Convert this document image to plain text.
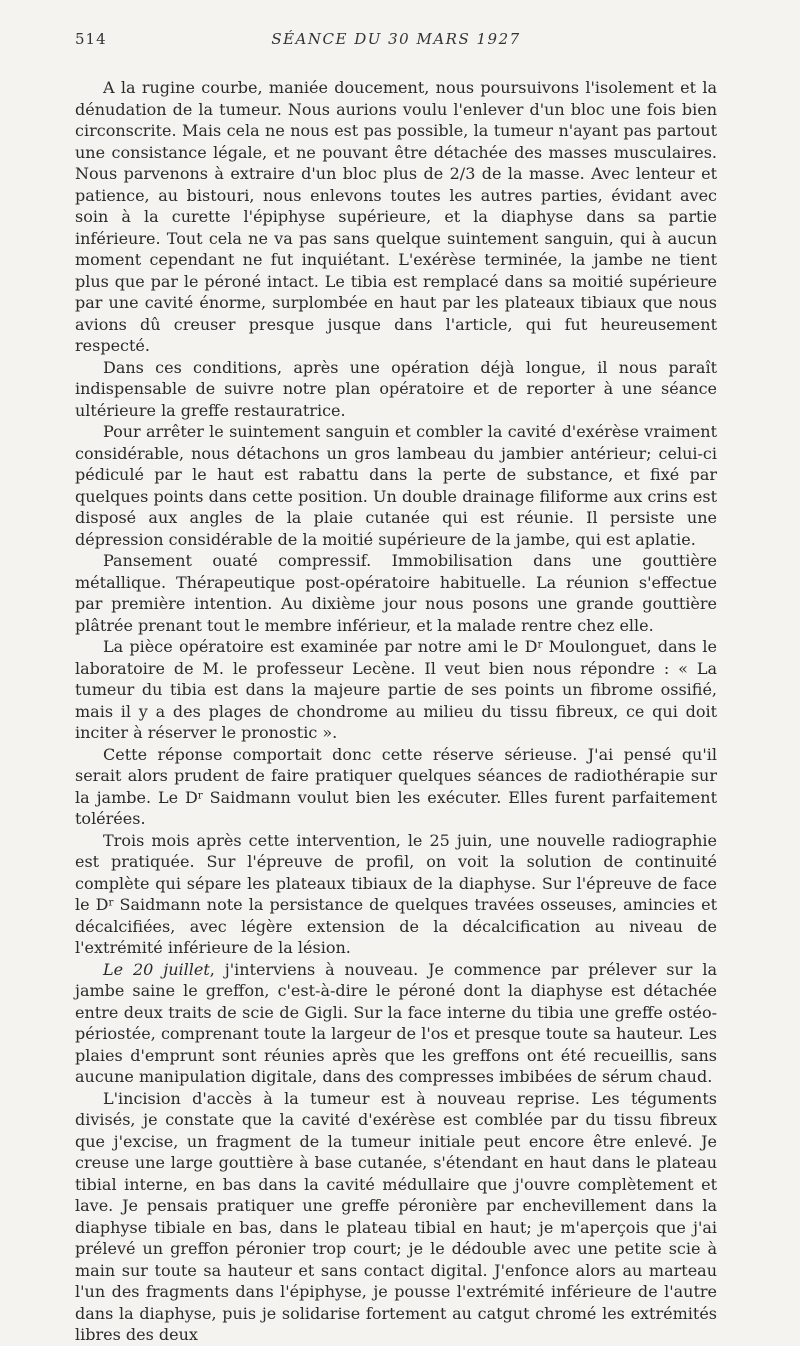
514	SÉANCE DU 30 MARS 1927

A la rugine courbe, maniée doucement, nous poursuivons l'isolement et la dénudation de la tumeur. Nous aurions voulu l'enlever d'un bloc une fois bien circonscrite. Mais cela ne nous est pas possible, la tumeur n'ayant pas partout une consistance légale, et ne pouvant être détachée des masses musculaires. Nous parvenons à extraire d'un bloc plus de 2/3 de la masse. Avec lenteur et patience, au bistouri, nous enlevons toutes les autres parties, évidant avec soin à la curette l'épiphyse supérieure, et la diaphyse dans sa partie inférieure. Tout cela ne va pas sans quelque suintement sanguin, qui à aucun moment cependant ne fut inquiétant. L'exérèse terminée, la jambe ne tient plus que par le péroné intact. Le tibia est remplacé dans sa moitié supérieure par une cavité énorme, surplombée en haut par les plateaux tibiaux que nous avions dû creuser presque jusque dans l'article, qui fut heureusement respecté.

Dans ces conditions, après une opération déjà longue, il nous paraît indispensable de suivre notre plan opératoire et de reporter à une séance ultérieure la greffe restauratrice.

Pour arrêter le suintement sanguin et combler la cavité d'exérèse vraiment considérable, nous détachons un gros lambeau du jambier antérieur; celui-ci pédiculé par le haut est rabattu dans la perte de substance, et fixé par quelques points dans cette position. Un double drainage filiforme aux crins est disposé aux angles de la plaie cutanée qui est réunie. Il persiste une dépression considérable de la moitié supérieure de la jambe, qui est aplatie.

Pansement ouaté compressif. Immobilisation dans une gouttière métallique. Thérapeutique post-opératoire habituelle. La réunion s'effectue par première intention. Au dixième jour nous posons une grande gouttière plâtrée prenant tout le membre inférieur, et la malade rentre chez elle.

La pièce opératoire est examinée par notre ami le $D^r$ Moulonguet, dans le laboratoire de M. le professeur Lecène. Il veut bien nous répondre : « La tumeur du tibia est dans la majeure partie de ses points un fibrome ossifié, mais il y a des plages de chondrome au milieu du tissu fibreux, ce qui doit inciter à réserver le pronostic ».

Cette réponse comportait donc cette réserve sérieuse. J'ai pensé qu'il serait alors prudent de faire pratiquer quelques séances de radiothérapie sur la jambe. Le $D^r$ Saidmann voulut bien les exécuter. Elles furent parfaitement tolérées.

Trois mois après cette intervention, le 25 juin, une nouvelle radiographie est pratiquée. Sur l'épreuve de profil, on voit la solution de continuité complète qui sépare les plateaux tibiaux de la diaphyse. Sur l'épreuve de face le $D^r$ Saidmann note la persistance de quelques travées osseuses, amincies et décalcifiées, avec légère extension de la décalcification au niveau de l'extrémité inférieure de la lésion.

Le 20 juillet, j'interviens à nouveau. Je commence par prélever sur la jambe saine le greffon, c'est-à-dire le péroné dont la diaphyse est détachée entre deux traits de scie de Gigli. Sur la face interne du tibia une greffe ostéo-périostée, comprenant toute la largeur de l'os et presque toute sa hauteur. Les plaies d'emprunt sont réunies après que les greffons ont été recueillis, sans aucune manipulation digitale, dans des compresses imbibées de sérum chaud.

L'incision d'accès à la tumeur est à nouveau reprise. Les téguments divisés, je constate que la cavité d'exérèse est comblée par du tissu fibreux que j'excise, un fragment de la tumeur initiale peut encore être enlevé. Je creuse une large gouttière à base cutanée, s'étendant en haut dans le plateau tibial interne, en bas dans la cavité médullaire que j'ouvre complètement et lave. Je pensais pratiquer une greffe péronière par enchevillement dans la diaphyse tibiale en bas, dans le plateau tibial en haut; je m'aperçois que j'ai prélevé un greffon péronier trop court; je le dédouble avec une petite scie à main sur toute sa hauteur et sans contact digital. J'enfonce alors au marteau l'un des fragments dans l'épiphyse, je pousse l'extrémité inférieure de l'autre dans la diaphyse, puis je solidarise fortement au catgut chromé les extrémités libres des deux
